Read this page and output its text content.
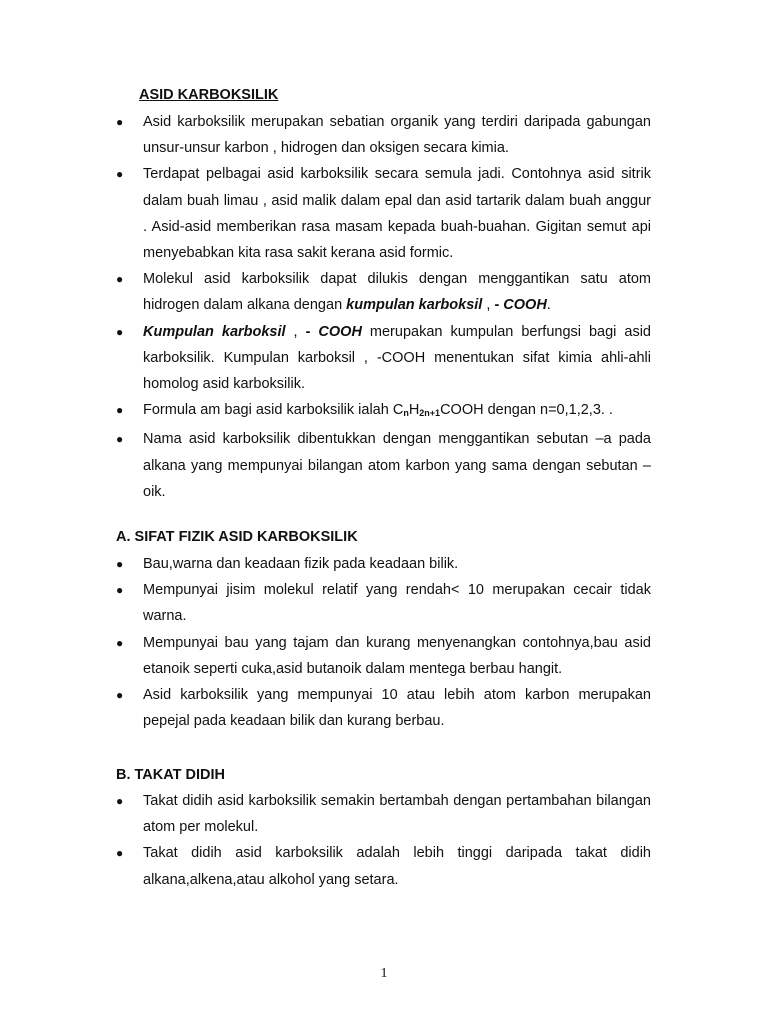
ASID KARBOKSILIK
● Asid karboksilik merupakan sebatian organik yang terdiri daripada gabungan unsur-unsur karbon , hidrogen dan oksigen secara kimia.
● Terdapat pelbagai asid karboksilik secara semula jadi. Contohnya asid sitrik dalam buah limau , asid malik dalam epal dan asid tartarik dalam buah anggur . Asid-asid memberikan rasa masam kepada buah-buahan. Gigitan semut api menyebabkan kita rasa sakit kerana asid formic.
● Molekul asid karboksilik dapat dilukis dengan menggantikan satu atom hidrogen dalam alkana dengan kumpulan karboksil , - COOH.
● Kumpulan karboksil , - COOH merupakan kumpulan berfungsi bagi asid karboksilik. Kumpulan karboksil , -COOH menentukan sifat kimia ahli-ahli homolog asid karboksilik.
● Formula am bagi asid karboksilik ialah $C_nH_{2n+1}COOH$ dengan n=0,1,2,3. .
● Nama asid karboksilik dibentukkan dengan menggantikan sebutan –a pada alkana yang mempunyai bilangan atom karbon yang sama dengan sebutan –oik.
A. SIFAT FIZIK ASID KARBOKSILIK
● Bau,warna dan keadaan fizik pada keadaan bilik.
● Mempunyai jisim molekul relatif yang rendah< 10 merupakan cecair tidak warna.
● Mempunyai bau yang tajam dan kurang menyenangkan contohnya,bau asid etanoik seperti cuka,asid butanoik dalam mentega berbau hangit.
● Asid karboksilik yang mempunyai 10 atau lebih atom karbon merupakan pepejal pada keadaan bilik dan kurang berbau.
B. TAKAT DIDIH
● Takat didih asid karboksilik semakin bertambah dengan pertambahan bilangan atom per molekul.
● Takat didih asid karboksilik adalah lebih tinggi daripada takat didih alkana,alkena,atau alkohol yang setara.
1
